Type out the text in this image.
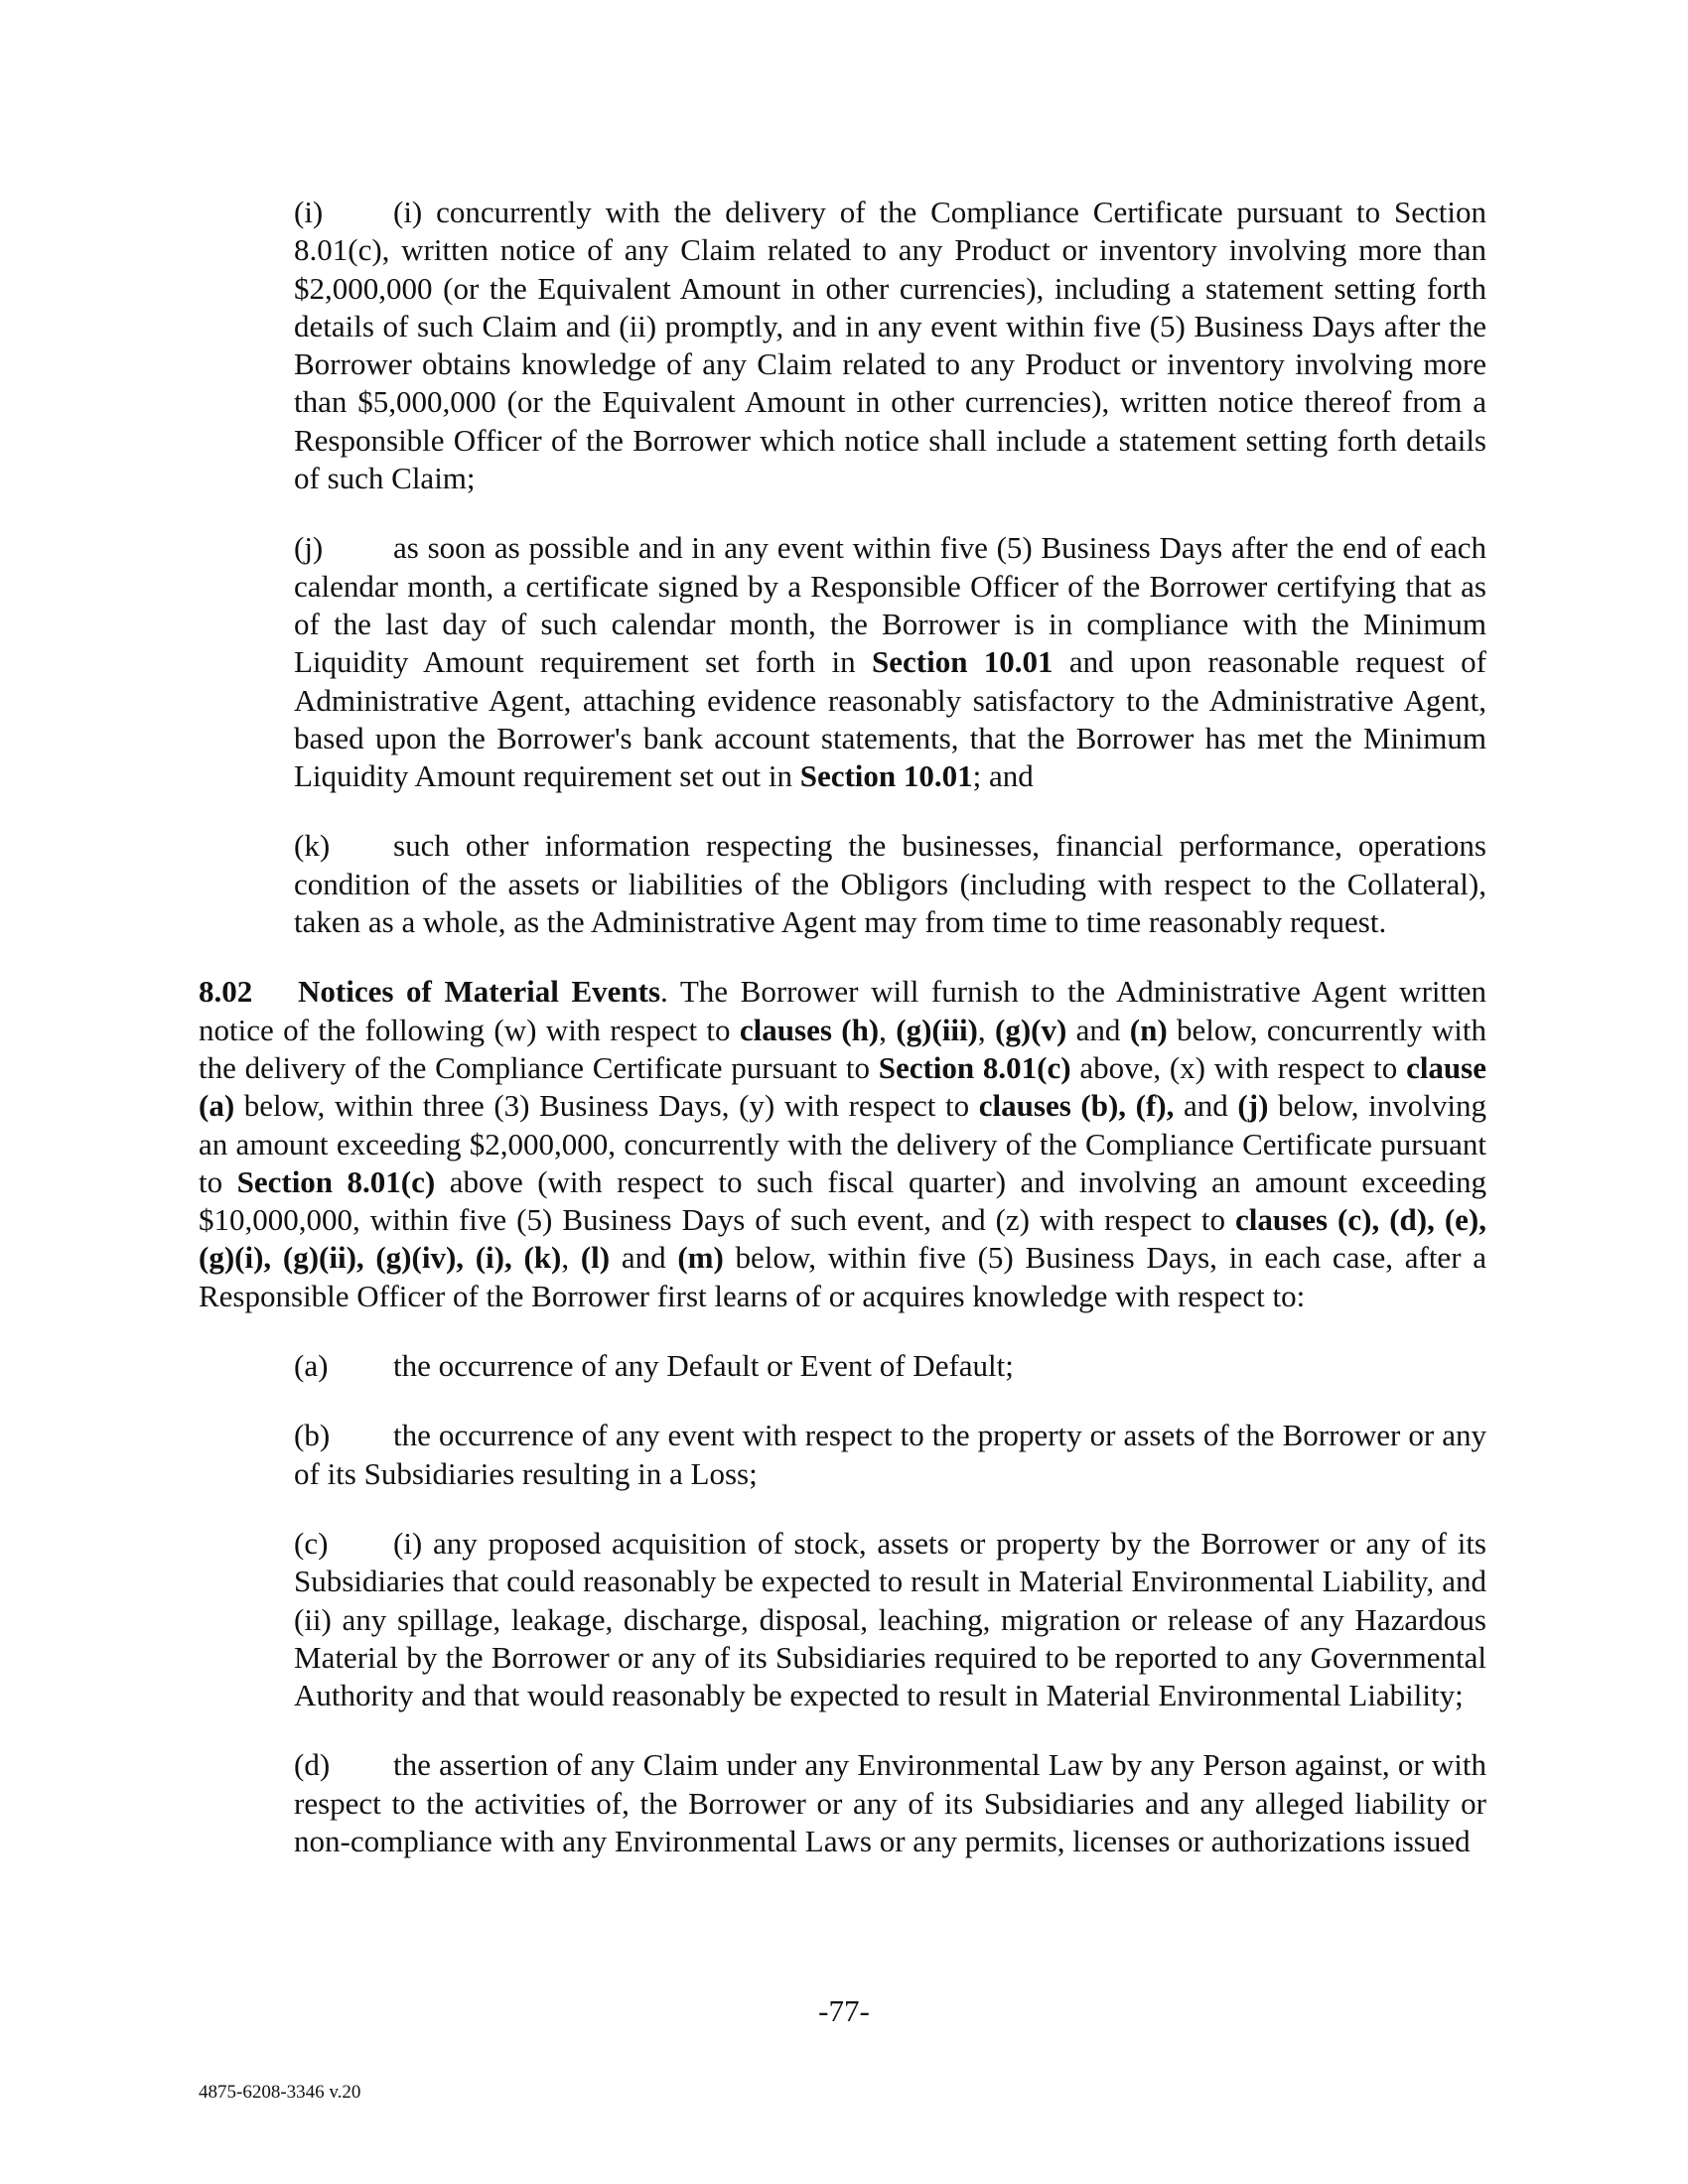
(i) (i) concurrently with the delivery of the Compliance Certificate pursuant to Section 8.01(c), written notice of any Claim related to any Product or inventory involving more than $2,000,000 (or the Equivalent Amount in other currencies), including a statement setting forth details of such Claim and (ii) promptly, and in any event within five (5) Business Days after the Borrower obtains knowledge of any Claim related to any Product or inventory involving more than $5,000,000 (or the Equivalent Amount in other currencies), written notice thereof from a Responsible Officer of the Borrower which notice shall include a statement setting forth details of such Claim;

(j) as soon as possible and in any event within five (5) Business Days after the end of each calendar month, a certificate signed by a Responsible Officer of the Borrower certifying that as of the last day of such calendar month, the Borrower is in compliance with the Minimum Liquidity Amount requirement set forth in Section 10.01 and upon reasonable request of Administrative Agent, attaching evidence reasonably satisfactory to the Administrative Agent, based upon the Borrower's bank account statements, that the Borrower has met the Minimum Liquidity Amount requirement set out in Section 10.01; and

(k) such other information respecting the businesses, financial performance, operations condition of the assets or liabilities of the Obligors (including with respect to the Collateral), taken as a whole, as the Administrative Agent may from time to time reasonably request.

8.02 Notices of Material Events. The Borrower will furnish to the Administrative Agent written notice of the following (w) with respect to clauses (h), (g)(iii), (g)(v) and (n) below, concurrently with the delivery of the Compliance Certificate pursuant to Section 8.01(c) above, (x) with respect to clause (a) below, within three (3) Business Days, (y) with respect to clauses (b), (f), and (j) below, involving an amount exceeding $2,000,000, concurrently with the delivery of the Compliance Certificate pursuant to Section 8.01(c) above (with respect to such fiscal quarter) and involving an amount exceeding $10,000,000, within five (5) Business Days of such event, and (z) with respect to clauses (c), (d), (e), (g)(i), (g)(ii), (g)(iv), (i), (k), (l) and (m) below, within five (5) Business Days, in each case, after a Responsible Officer of the Borrower first learns of or acquires knowledge with respect to:

(a) the occurrence of any Default or Event of Default;

(b) the occurrence of any event with respect to the property or assets of the Borrower or any of its Subsidiaries resulting in a Loss;

(c) (i) any proposed acquisition of stock, assets or property by the Borrower or any of its Subsidiaries that could reasonably be expected to result in Material Environmental Liability, and (ii) any spillage, leakage, discharge, disposal, leaching, migration or release of any Hazardous Material by the Borrower or any of its Subsidiaries required to be reported to any Governmental Authority and that would reasonably be expected to result in Material Environmental Liability;

(d) the assertion of any Claim under any Environmental Law by any Person against, or with respect to the activities of, the Borrower or any of its Subsidiaries and any alleged liability or non-compliance with any Environmental Laws or any permits, licenses or authorizations issued

-77-
4875-6208-3346 v.20
